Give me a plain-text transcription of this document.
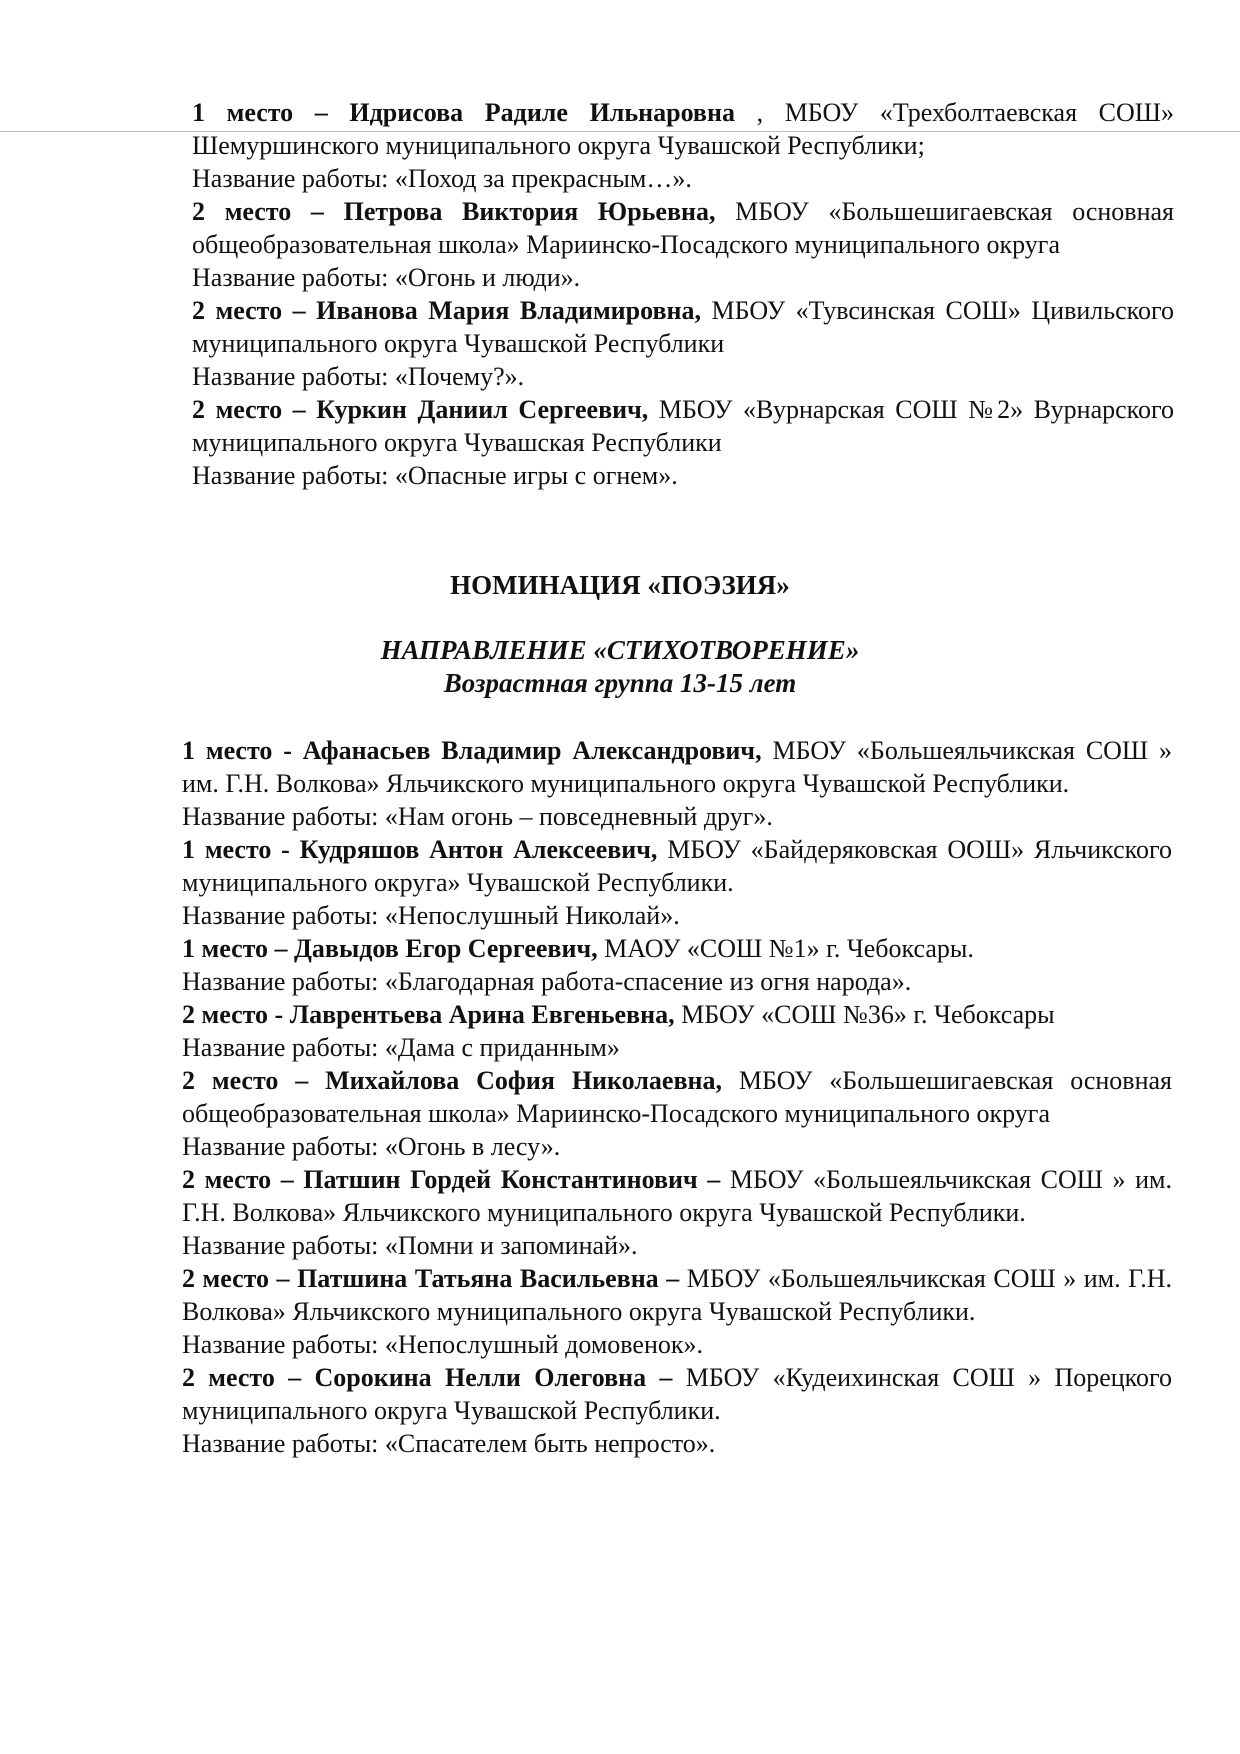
1 место – Идрисова Радиле Ильнаровна , МБОУ «Трехболтаевская СОШ» Шемуршинского муниципального округа Чувашской Республики;
Название работы: «Поход за прекрасным…».
2 место – Петрова Виктория Юрьевна, МБОУ «Большешигаевская основная общеобразовательная школа» Мариинско-Посадского муниципального округа
Название работы: «Огонь и люди».
2 место – Иванова Мария Владимировна, МБОУ «Тувсинская СОШ» Цивильского муниципального округа Чувашской Республики
Название работы: «Почему?».
2 место – Куркин Даниил Сергеевич, МБОУ «Вурнарская СОШ №2» Вурнарского муниципального округа Чувашская Республики
Название работы: «Опасные игры с огнем».
НОМИНАЦИЯ «ПОЭЗИЯ»
НАПРАВЛЕНИЕ «СТИХОТВОРЕНИЕ»
Возрастная группа 13-15 лет
1 место - Афанасьев Владимир Александрович, МБОУ «Большеяльчикская СОШ » им. Г.Н. Волкова» Яльчикского муниципального округа Чувашской Республики.
Название работы: «Нам огонь – повседневный друг».
1 место - Кудряшов Антон Алексеевич, МБОУ «Байдеряковская ООШ» Яльчикского муниципального округа» Чувашской Республики.
Название работы: «Непослушный Николай».
1 место – Давыдов Егор Сергеевич, МАОУ «СОШ №1» г. Чебоксары.
Название работы: «Благодарная работа-спасение из огня народа».
2 место - Лаврентьева Арина Евгеньевна, МБОУ «СОШ №36» г. Чебоксары
Название работы: «Дама с приданным»
2 место – Михайлова София Николаевна, МБОУ «Большешигаевская основная общеобразовательная школа» Мариинско-Посадского муниципального округа
Название работы: «Огонь в лесу».
2 место – Патшин Гордей Константинович – МБОУ «Большеяльчикская СОШ » им. Г.Н. Волкова» Яльчикского муниципального округа Чувашской Республики.
Название работы: «Помни и запоминай».
2 место – Патшина Татьяна Васильевна – МБОУ «Большеяльчикская СОШ » им. Г.Н. Волкова» Яльчикского муниципального округа Чувашской Республики.
Название работы: «Непослушный домовенок».
2 место – Сорокина Нелли Олеговна – МБОУ «Кудеихинская СОШ » Порецкого муниципального округа Чувашской Республики.
Название работы: «Спасателем быть непросто».
